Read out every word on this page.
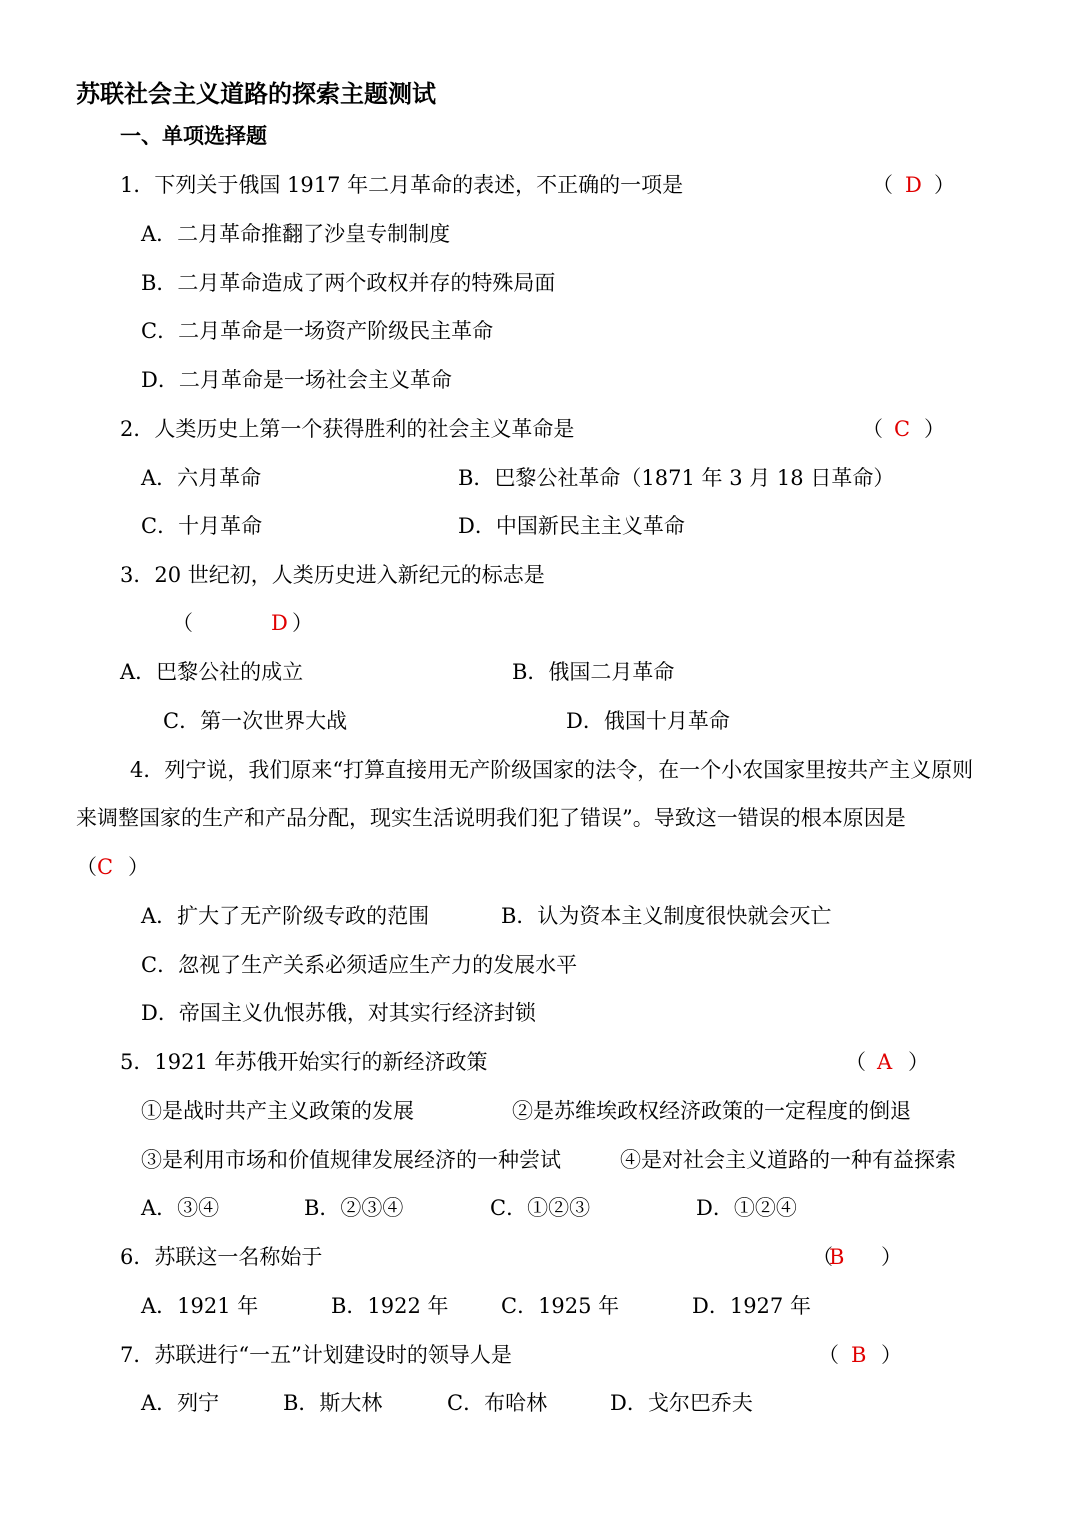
苏联社会主义道路的探索主题测试
一、单项选择题
1．下列关于俄国 1917 年二月革命的表述，不正确的一项是	（ D ）
A．二月革命推翻了沙皇专制制度
B．二月革命造成了两个政权并存的特殊局面
C．二月革命是一场资产阶级民主革命
D．二月革命是一场社会主义革命
2．人类历史上第一个获得胜利的社会主义革命是	（ C ）
A．六月革命	B．巴黎公社革命（1871 年 3 月 18 日革命）
C．十月革命	D．中国新民主主义革命
3．20 世纪初，人类历史进入新纪元的标志是
（	D ）
A．巴黎公社的成立	B．俄国二月革命
C．第一次世界大战	D．俄国十月革命
4．列宁说，我们原来“打算直接用无产阶级国家的法令，在一个小农国家里按共产主义原则
来调整国家的生产和产品分配，现实生活说明我们犯了错误”。导致这一错误的根本原因是
（ C ）
A．扩大了无产阶级专政的范围	B．认为资本主义制度很快就会灭亡
C．忽视了生产关系必须适应生产力的发展水平
D．帝国主义仇恨苏俄，对其实行经济封锁
5．1921 年苏俄开始实行的新经济政策	（ A ）
①是战时共产主义政策的发展	②是苏维埃政权经济政策的一定程度的倒退
③是利用市场和价值规律发展经济的一种尝试	④是对社会主义道路的一种有益探索
A．③④	B．②③④	C．①②③	D．①②④
6．苏联这一名称始于	（
B ）
A．1921 年	B．1922 年 C．1925 年	D．1927 年
7．苏联进行“一五”计划建设时的领导人是	（ B ）
A．列宁	B．斯大林	C．布哈林	D．戈尔巴乔夫
